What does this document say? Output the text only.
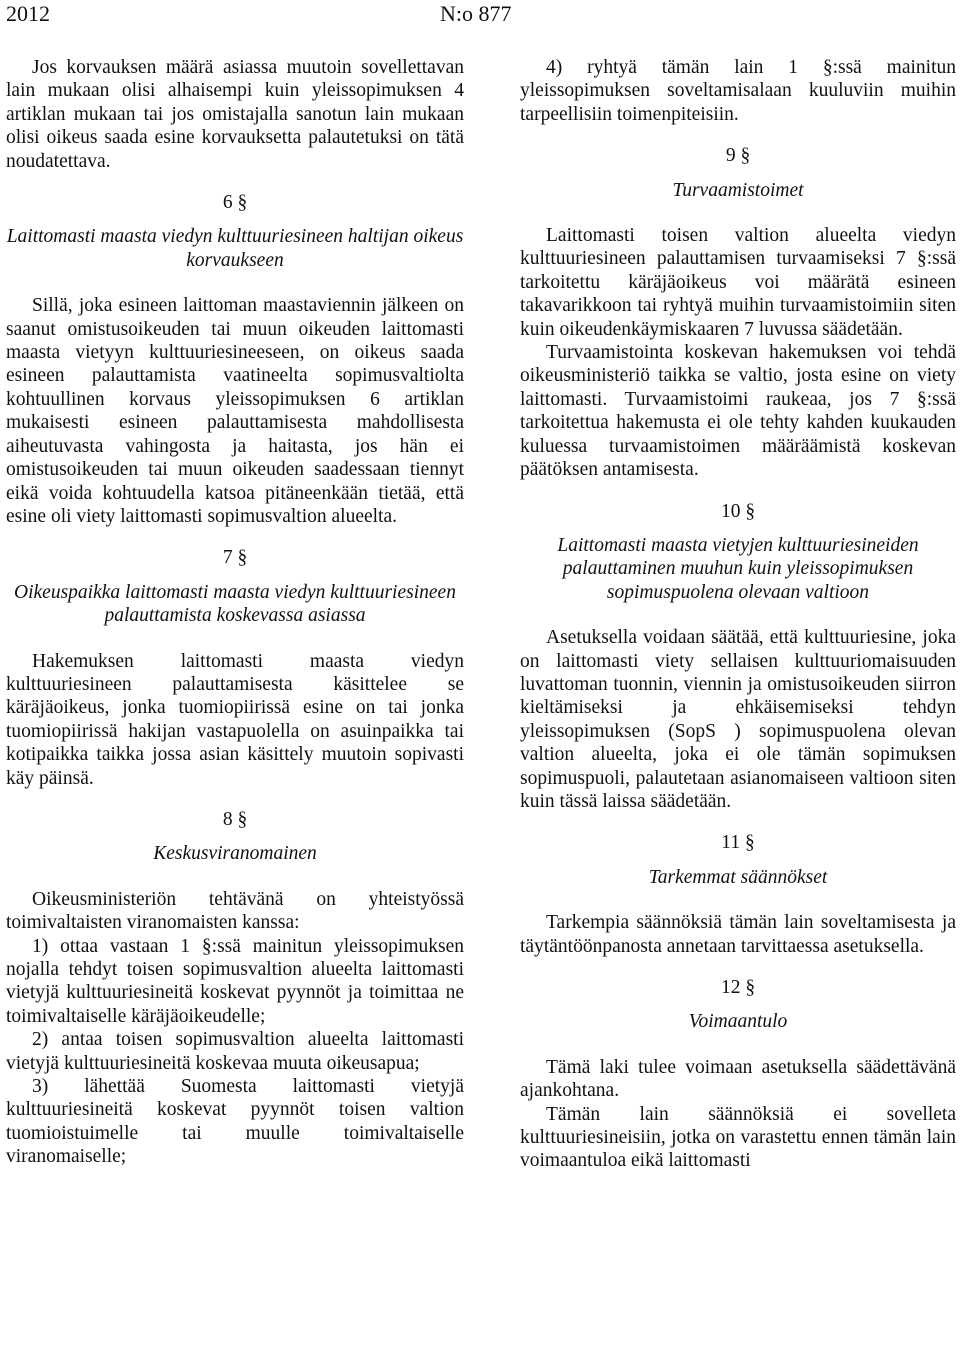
2012	N:o 877

Jos korvauksen määrä asiassa muutoin sovellettavan lain mukaan olisi alhaisempi kuin yleissopimuksen 4 artiklan mukaan tai jos omistajalla sanotun lain mukaan olisi oikeus saada esine korvauksetta palautetuksi on tätä noudatettava.

6 §
Laittomasti maasta viedyn kulttuuriesineen haltijan oikeus korvaukseen

Sillä, joka esineen laittoman maastaviennin jälkeen on saanut omistusoikeuden tai muun oikeuden laittomasti maasta vietyyn kulttuuriesineeseen, on oikeus saada esineen palauttamista vaatineelta sopimusvaltiolta kohtuullinen korvaus yleissopimuksen 6 artiklan mukaisesti esineen palauttamisesta mahdollisesta aiheutuvasta vahingosta ja haitasta, jos hän ei omistusoikeuden tai muun oikeuden saadessaan tiennyt eikä voida kohtuudella katsoa pitäneenkään tietää, että esine oli viety laittomasti sopimusvaltion alueelta.

7 §
Oikeuspaikka laittomasti maasta viedyn kulttuuriesineen palauttamista koskevassa asiassa

Hakemuksen laittomasti maasta viedyn kulttuuriesineen palauttamisesta käsittelee se käräjäoikeus, jonka tuomiopiirissä esine on tai jonka tuomiopiirissä hakijan vastapuolella on asuinpaikka tai kotipaikka taikka jossa asian käsittely muutoin sopivasti käy päinsä.

8 §
Keskusviranomainen

Oikeusministeriön tehtävänä on yhteistyössä toimivaltaisten viranomaisten kanssa:

1) ottaa vastaan 1 §:ssä mainitun yleissopimuksen nojalla tehdyt toisen sopimusvaltion alueelta laittomasti vietyjä kulttuuriesineitä koskevat pyynnöt ja toimittaa ne toimivaltaiselle käräjäoikeudelle;

2) antaa toisen sopimusvaltion alueelta laittomasti vietyjä kulttuuriesineitä koskevaa muuta oikeusapua;

3) lähettää Suomesta laittomasti vietyjä kulttuuriesineitä koskevat pyynnöt toisen valtion tuomioistuimelle tai muulle toimivaltaiselle viranomaiselle;

4) ryhtyä tämän lain 1 §:ssä mainitun yleissopimuksen soveltamisalaan kuuluviin muihin tarpeellisiin toimenpiteisiin.

9 §
Turvaamistoimet

Laittomasti toisen valtion alueelta viedyn kulttuuriesineen palauttamisen turvaamiseksi 7 §:ssä tarkoitettu käräjäoikeus voi määrätä esineen takavarikkoon tai ryhtyä muihin turvaamistoimiin siten kuin oikeudenkäymiskaaren 7 luvussa säädetään.

Turvaamistointa koskevan hakemuksen voi tehdä oikeusministeriö taikka se valtio, josta esine on viety laittomasti. Turvaamistoimi raukeaa, jos 7 §:ssä tarkoitettua hakemusta ei ole tehty kahden kuukauden kuluessa turvaamistoimen määräämistä koskevan päätöksen antamisesta.

10 §
Laittomasti maasta vietyjen kulttuuriesineiden palauttaminen muuhun kuin yleissopimuksen sopimuspuolena olevaan valtioon

Asetuksella voidaan säätää, että kulttuuriesine, joka on laittomasti viety sellaisen kulttuuriomaisuuden luvattoman tuonnin, viennin ja omistusoikeuden siirron kieltämiseksi ja ehkäisemiseksi tehdyn yleissopimuksen (SopS ) sopimuspuolena olevan valtion alueelta, joka ei ole tämän sopimuksen sopimuspuoli, palautetaan asianomaiseen valtioon siten kuin tässä laissa säädetään.

11 §
Tarkemmat säännökset

Tarkempia säännöksiä tämän lain soveltamisesta ja täytäntöönpanosta annetaan tarvittaessa asetuksella.

12 §
Voimaantulo

Tämä laki tulee voimaan asetuksella säädettävänä ajankohtana.

Tämän lain säännöksiä ei sovelleta kulttuuriesineisiin, jotka on varastettu ennen tämän lain voimaantuloa eikä laittomasti
